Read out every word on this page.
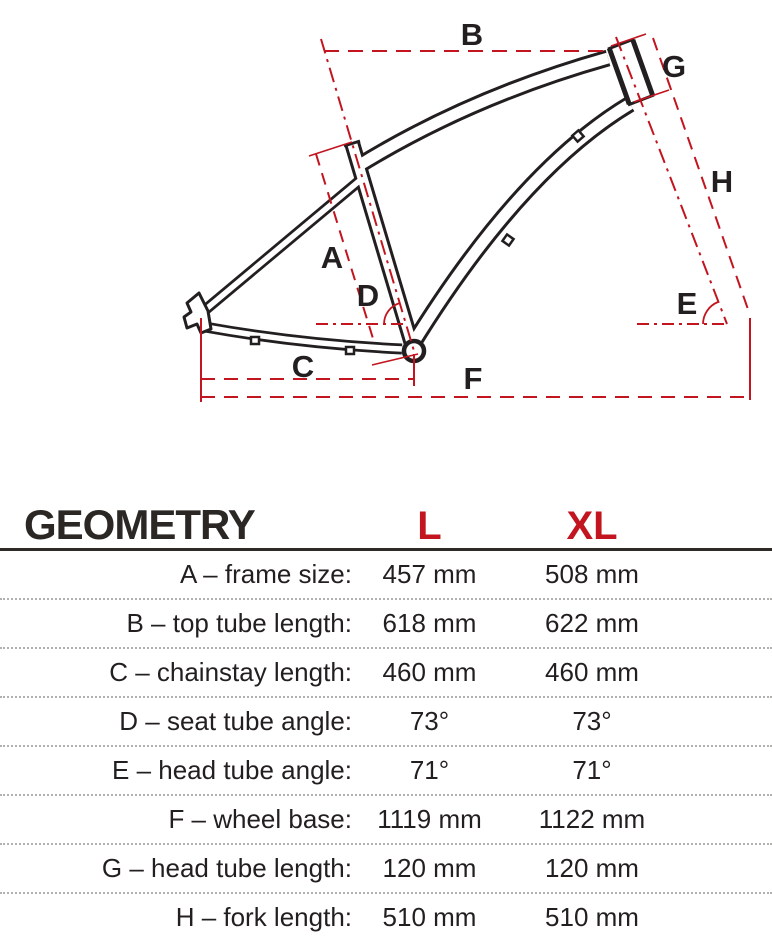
B
G
H
E
A
D
C	F
GEOMETRY	L	XL
A – frame size:	457 mm	508 mm
B – top tube length:	618 mm	622 mm
C – chainstay length:	460 mm	460 mm
D – seat tube angle:	73°	73°
E – head tube angle:	71°	71°
F – wheel base: 1119 mm	1122 mm
G – head tube length:	120 mm	120 mm
H – fork length:	510 mm	510 mm
